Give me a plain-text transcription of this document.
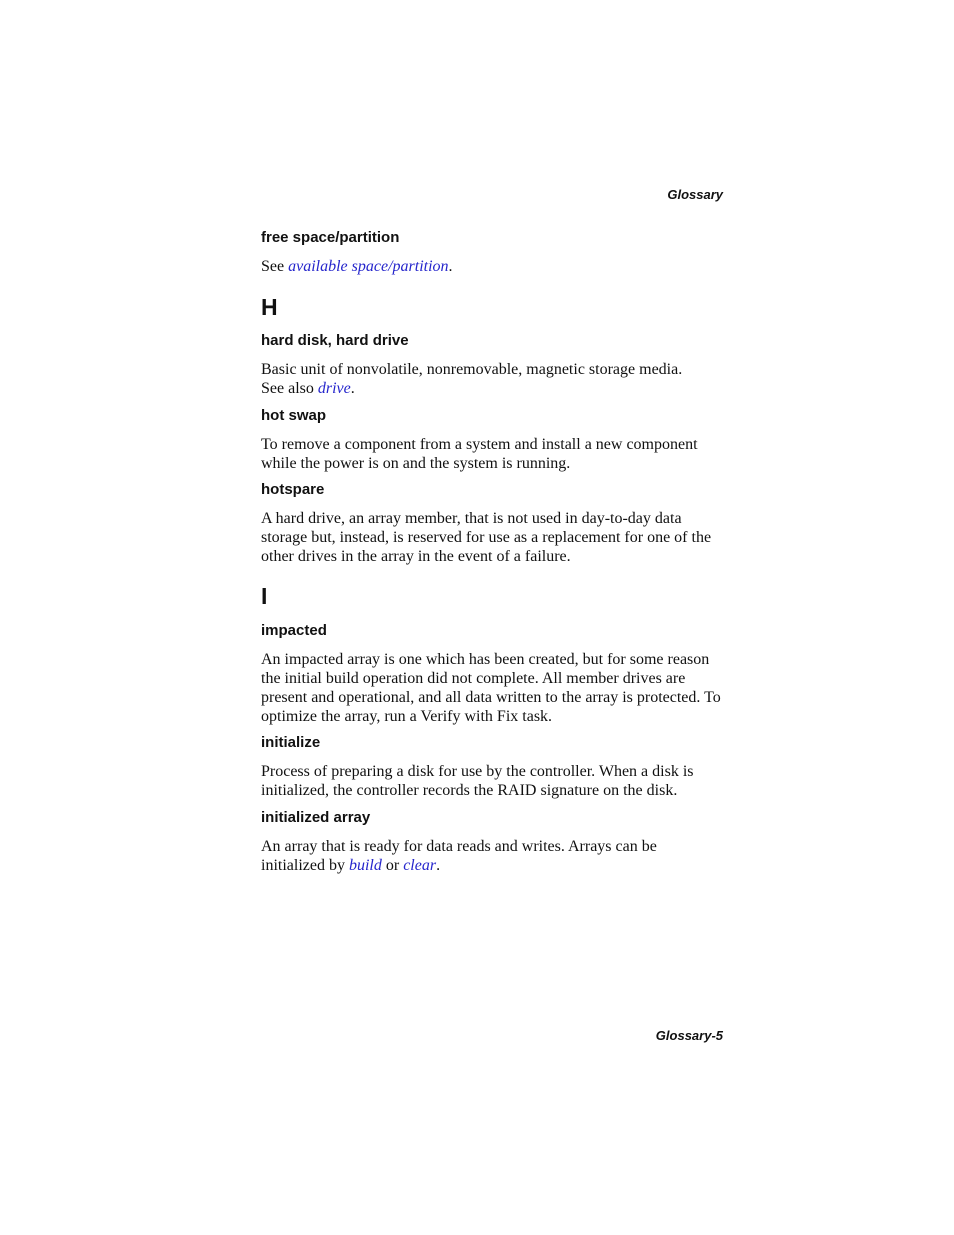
Glossary
free space/partition
See available space/partition.
H
hard disk, hard drive
Basic unit of nonvolatile, nonremovable, magnetic storage media.
See also drive.
hot swap
To remove a component from a system and install a new component while the power is on and the system is running.
hotspare
A hard drive, an array member, that is not used in day-to-day data storage but, instead, is reserved for use as a replacement for one of the other drives in the array in the event of a failure.
I
impacted
An impacted array is one which has been created, but for some reason the initial build operation did not complete. All member drives are present and operational, and all data written to the array is protected. To optimize the array, run a Verify with Fix task.
initialize
Process of preparing a disk for use by the controller. When a disk is initialized, the controller records the RAID signature on the disk.
initialized array
An array that is ready for data reads and writes. Arrays can be initialized by build or clear.
Glossary-5
